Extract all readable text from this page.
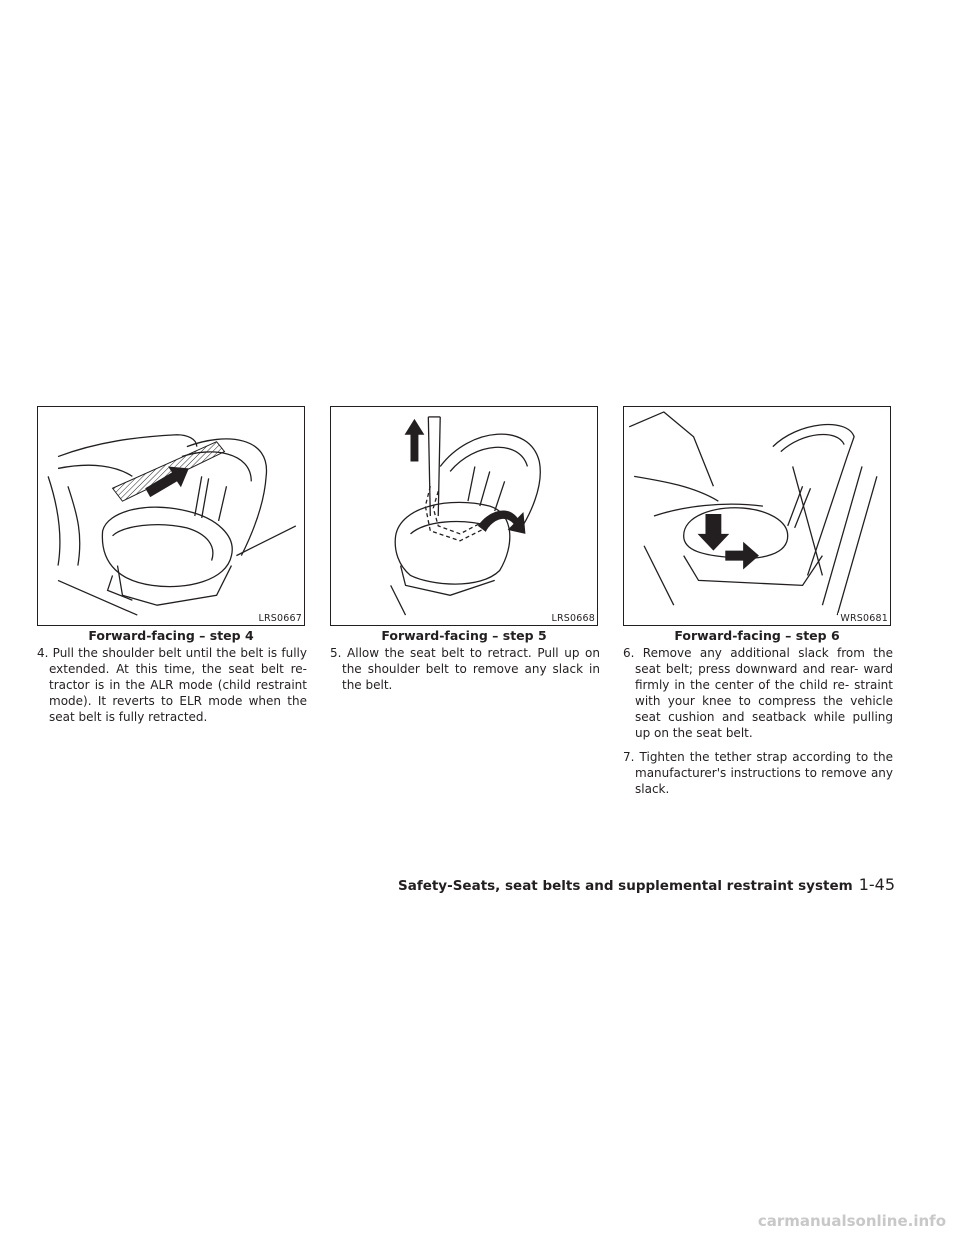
LRS0667
Forward-facing – step 4

4. Pull the shoulder belt until the belt is fully extended. At this time, the seat belt re- tractor is in the ALR mode (child restraint mode). It reverts to ELR mode when the seat belt is fully retracted.

LRS0668
Forward-facing – step 5

5. Allow the seat belt to retract. Pull up on the shoulder belt to remove any slack in the belt.

WRS0681
Forward-facing – step 6

6. Remove any additional slack from the seat belt; press downward and rear- ward firmly in the center of the child re- straint with your knee to compress the vehicle seat cushion and seatback while pulling up on the seat belt.

7. Tighten the tether strap according to the manufacturer's instructions to remove any slack.

Safety-Seats, seat belts and supplemental restraint system 1-45
carmanualsonline.info
